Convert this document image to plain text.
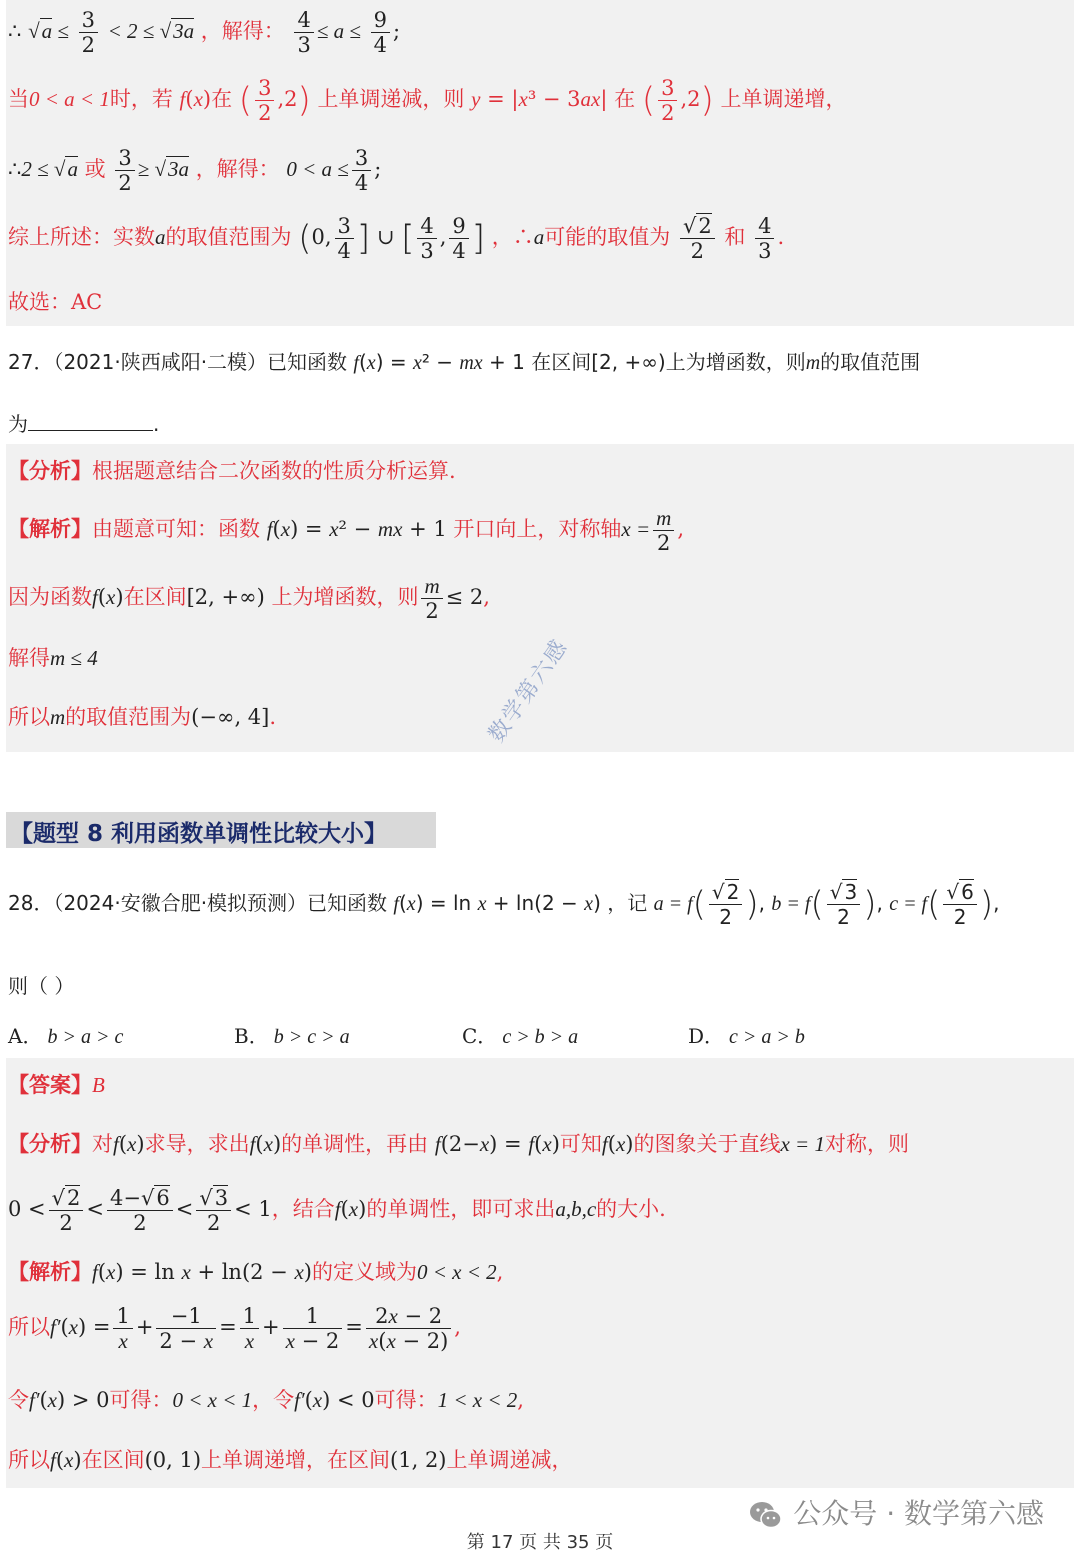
∴ $√a \le \frac{3}{2} < 2 \le √3a$ ，解得： $\frac{4}{3} \le a \le \frac{9}{4}$ ;
当0 < a < 1时，若 f(x)在 ( $\frac{3}{2} ,2$) 上单调递减，则 y = |x³ − 3ax| 在 ( $\frac{3}{2} ,2$) 上单调递增，
∴2 ≤ √a 或 $\frac{3}{2} \ge √3a$ ，解得： $0 < a \le \frac{3}{4}$ ;
综上所述：实数a的取值范围为 (0, $\frac{3}{4}$ ] ∪ [ $\frac{4}{3}$ , $\frac{9}{4}$ ] ，∴a可能的取值为 $\frac{√2}{2}$ 和 $\frac{4}{3}$ .
故选：AC
27．（2021·陕西咸阳·二模）已知函数 f(x) = x² − mx + 1 在区间[2, +∞)上为增函数，则m的取值范围
为	.
【分析】根据题意结合二次函数的性质分析运算.
【解析】由题意可知：函数 f(x) = x² − mx + 1 开口向上，对称轴$x = \frac{m}{2}$ ,
因为函数f(x)在区间[2, +∞) 上为增函数，则 $\frac{m}{2} \le 2$,
解得m ≤ 4
所以m的取值范围为(−∞, 4].	数学第六感
【题型 8 利用函数单调性比较大小】
28．（2024·安徽合肥·模拟预测）已知函数 f(x) = ln x + ln(2 − x) ，记 $a = f( \frac{√ 2}{2}$ ), $b = f( \frac{√ 3}{2}$ ), $c = f( \frac{√ 6}{2}$ ),
则（ ）
A． b > a > c	B． b > c > a	C． c > b > a	D． c > a > b
【答案】B
【分析】对f(x)求导，求出f(x)的单调性，再由 f(2−x) = f(x)可知f(x)的图象关于直线x = 1对称，则
$0 < \frac{√2}{2} < \frac{4-√6}{2} < \frac{√3}{2} < 1$，结合f(x)的单调性，即可求出a,b,c的大小.
【解析】f(x) = ln x + ln(2 − x)的定义域为0 < x < 2,
所以$f'(x) = \frac{1}{x} + \frac{-1}{2 - x} = \frac{1}{x} + \frac{1}{x - 2} = \frac{2x - 2}{x(x - 2)}$ ,
令f′(x) > 0可得：0 < x < 1，令f′(x) < 0可得：1 < x < 2,
所以f(x)在区间(0, 1)上单调递增，在区间(1, 2)上单调递减，
公众号 · 数学第六感
第 17 页 共 35 页
